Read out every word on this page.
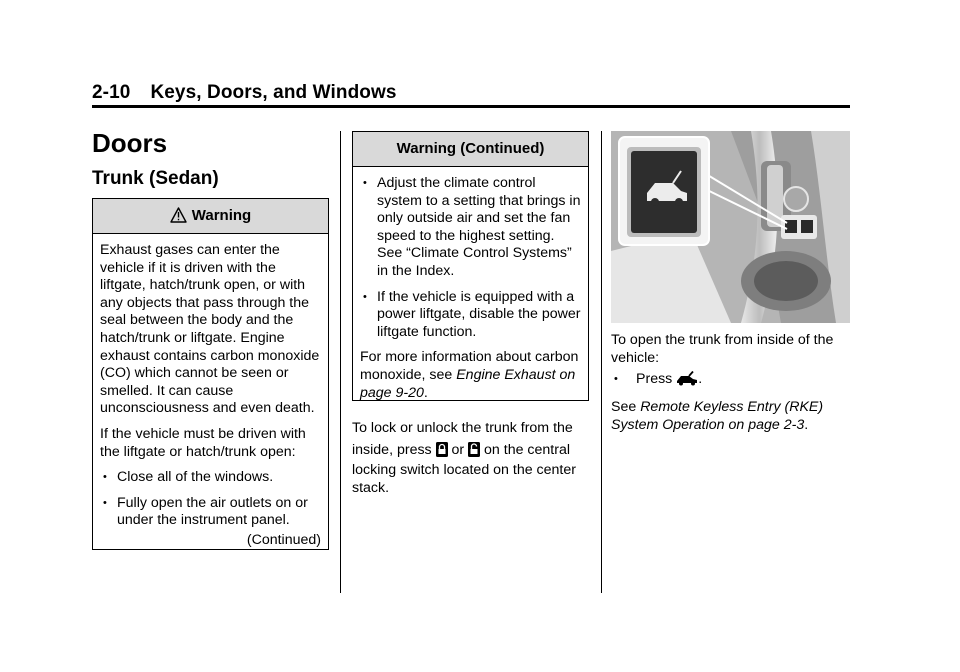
2-10 Keys, Doors, and Windows
Doors
Trunk (Sedan)
Warning

Exhaust gases can enter the vehicle if it is driven with the liftgate, hatch/trunk open, or with any objects that pass through the seal between the body and the hatch/trunk or liftgate. Engine exhaust contains carbon monoxide (CO) which cannot be seen or smelled. It can cause unconsciousness and even death.

If the vehicle must be driven with the liftgate or hatch/trunk open:

• Close all of the windows.
• Fully open the air outlets on or under the instrument panel.
(Continued)
Warning (Continued)
• Adjust the climate control system to a setting that brings in only outside air and set the fan speed to the highest setting. See “Climate Control Systems” in the Index.
• If the vehicle is equipped with a power liftgate, disable the power liftgate function.

For more information about carbon monoxide, see Engine Exhaust on page 9-20.

To lock or unlock the trunk from the
inside, press  or  on the central
locking switch located on the center stack.
To open the trunk from inside of the vehicle:
•	Press .
See Remote Keyless Entry (RKE) System Operation on page 2-3.
